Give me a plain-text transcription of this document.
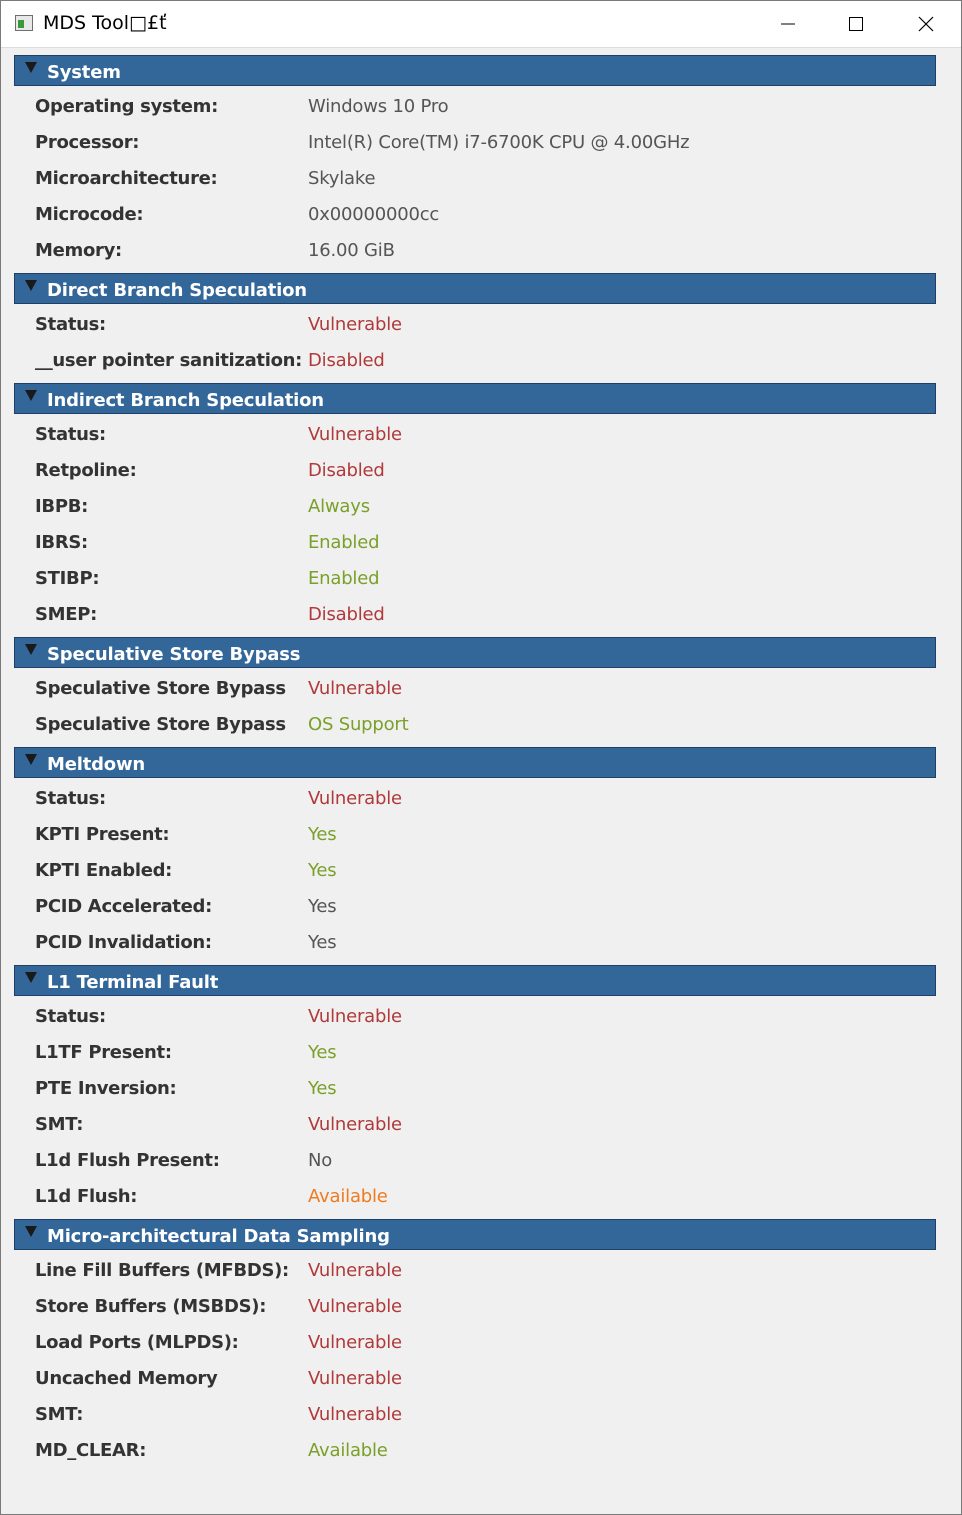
MDS Tool□£ť
System
Operating system:	Windows 10 Pro
Processor:	Intel(R) Core(TM) i7-6700K CPU @ 4.00GHz
Microarchitecture:	Skylake
Microcode:	0x00000000cc
Memory:	16.00 GiB
Direct Branch Speculation
Status:	Vulnerable
__user pointer sanitization: Disabled
Indirect Branch Speculation
Status:	Vulnerable
Retpoline:	Disabled
IBPB:	Always
IBRS:	Enabled
STIBP:	Enabled
SMEP:	Disabled
Speculative Store Bypass
Speculative Store Bypass Vulnerable
Speculative Store Bypass OS Support
Meltdown
Status:	Vulnerable
KPTI Present:	Yes
KPTI Enabled:	Yes
PCID Accelerated:	Yes
PCID Invalidation:	Yes
L1 Terminal Fault
Status:	Vulnerable
L1TF Present:	Yes
PTE Inversion:	Yes
SMT:	Vulnerable
L1d Flush Present:	No
L1d Flush:	Available
Micro-architectural Data Sampling
Line Fill Buffers (MFBDS): Vulnerable
Store Buffers (MSBDS): Vulnerable
Load Ports (MLPDS):	Vulnerable
Uncached Memory	Vulnerable
SMT:	Vulnerable
MD_CLEAR:	Available
